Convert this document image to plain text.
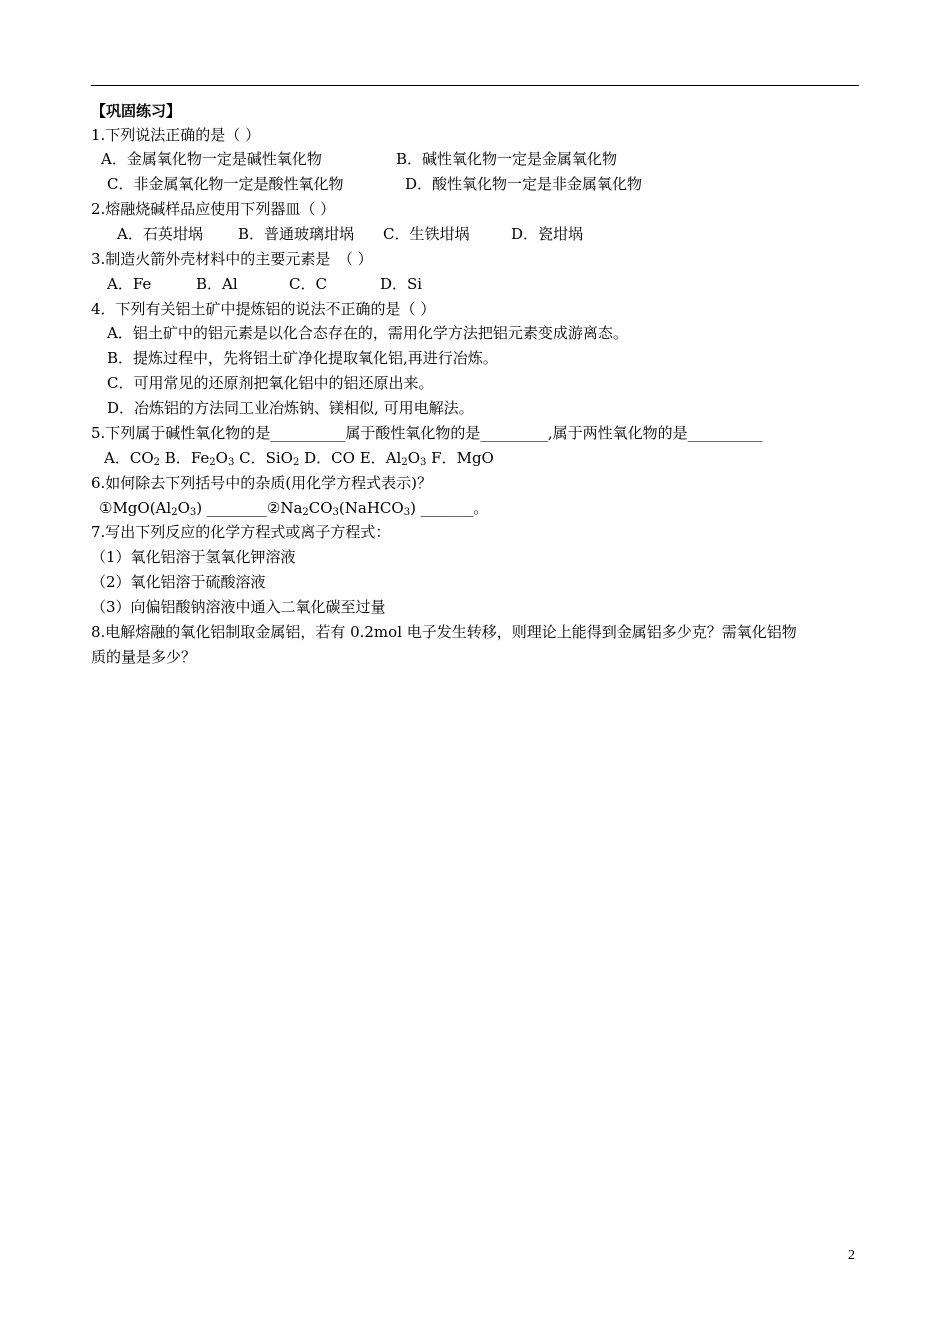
【巩固练习】
1.下列说法正确的是（ ）
A．金属氧化物一定是碱性氧化物	B．碱性氧化物一定是金属氧化物
C．非金属氧化物一定是酸性氧化物	D．酸性氧化物一定是非金属氧化物
2.熔融烧碱样品应使用下列器皿（ ）
A．石英坩埚 B．普通玻璃坩埚 C．生铁坩埚	D．瓷坩埚
3.制造火箭外壳材料中的主要元素是　（ ）
A．Fe	B．Al	C．C	D．Si
4．下列有关铝土矿中提炼铝的说法不正确的是（ ）
A．铝土矿中的铝元素是以化合态存在的，需用化学方法把铝元素变成游离态。
B．提炼过程中，先将铝土矿净化提取氧化铝,再进行冶炼。
C．可用常见的还原剂把氧化铝中的铝还原出来。
D．冶炼铝的方法同工业冶炼钠、镁相似, 可用电解法。
5.下列属于碱性氧化物的是__________属于酸性氧化物的是_________,属于两性氧化物的是__________
A．$CO_2$ B．$Fe_2O_3$ C．SiO$_2$ D．CO E．$Al_2O_3$ F．MgO
6.如何除去下列括号中的杂质(用化学方程式表示)？
$①MgO(Al_2O_3)$ $\_\_\_\_\_\_\_\_②Na_2CO_3(NaHCO_3)$ _______。
7.写出下列反应的化学方程式或离子方程式：
（1）氧化铝溶于氢氧化钾溶液
（2）氧化铝溶于硫酸溶液
（3）向偏铝酸钠溶液中通入二氧化碳至过量
8.电解熔融的氧化铝制取金属铝，若有 0.2mol 电子发生转移，则理论上能得到金属铝多少克？需氧化铝物
质的量是多少？
2
